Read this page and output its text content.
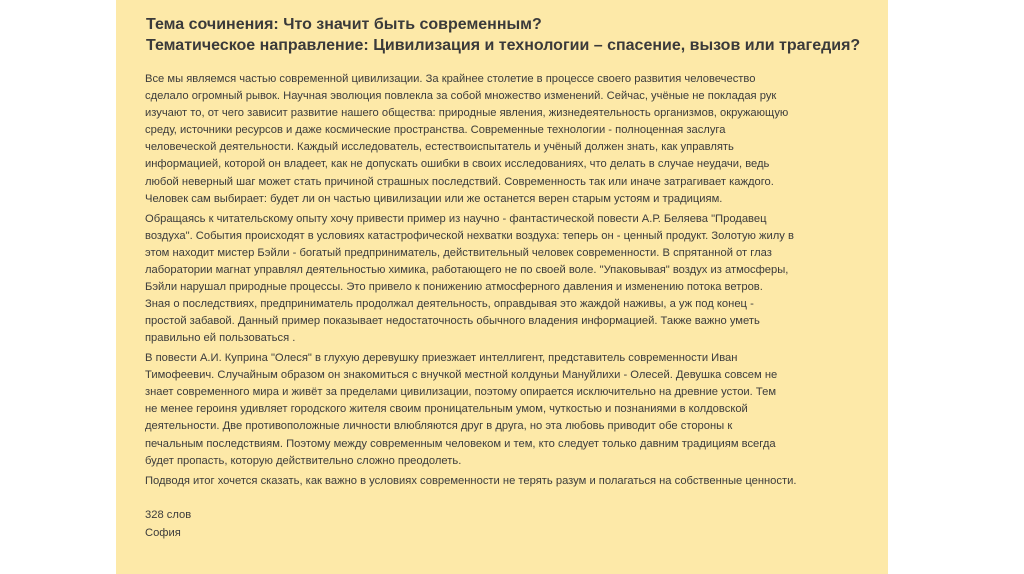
Тема сочинения: Что значит быть современным?
Тематическое направление: Цивилизация и технологии – спасение, вызов или трагедия?
Все мы являемся частью современной цивилизации. За крайнее столетие в процессе своего развития человечество
сделало огромный рывок. Научная эволюция повлекла за собой множество изменений. Сейчас, учёные не покладая рук
изучают то, от чего зависит развитие нашего общества: природные явления, жизнедеятельность организмов, окружающую
среду, источники ресурсов и даже космические пространства. Современные технологии - полноценная заслуга
человеческой деятельности. Каждый исследователь, естествоиспытатель и учёный должен знать, как управлять
информацией, которой он владеет, как не допускать ошибки в своих исследованиях, что делать в случае неудачи, ведь
любой неверный шаг может стать причиной страшных последствий. Современность так или иначе затрагивает каждого.
Человек сам выбирает: будет ли он частью цивилизации или же останется верен старым устоям и традициям.
Обращаясь к читательскому опыту хочу привести пример из научно - фантастической повести А.Р. Беляева "Продавец
воздуха". События происходят в условиях катастрофической нехватки воздуха: теперь он - ценный продукт. Золотую жилу в
этом находит мистер Бэйли - богатый предприниматель, действительный человек современности. В спрятанной от глаз
лаборатории магнат управлял деятельностью химика, работающего не по своей воле. "Упаковывая" воздух из атмосферы,
Бэйли нарушал природные процессы. Это привело к понижению атмосферного давления и изменению потока ветров.
Зная о последствиях, предприниматель продолжал деятельность, оправдывая это жаждой наживы, а уж под конец -
простой забавой. Данный пример показывает недостаточность обычного владения информацией. Также важно уметь
правильно ей пользоваться .
В повести А.И. Куприна "Олеся" в глухую деревушку приезжает интеллигент, представитель современности Иван
Тимофеевич. Случайным образом он знакомиться с внучкой местной колдуньи Мануйлихи - Олесей. Девушка совсем не
знает современного мира и живёт за пределами цивилизации, поэтому опирается исключительно на древние устои. Тем
не менее героиня удивляет городского жителя своим проницательным умом, чуткостью и познаниями в колдовской
деятельности. Две противоположные личности влюбляются друг в друга, но эта любовь приводит обе стороны к
печальным последствиям. Поэтому между современным человеком и тем, кто следует только давним традициям всегда
будет пропасть, которую действительно сложно преодолеть.
Подводя итог хочется сказать, как важно в условиях современности не терять разум и полагаться на собственные ценности.
328 слов
София
